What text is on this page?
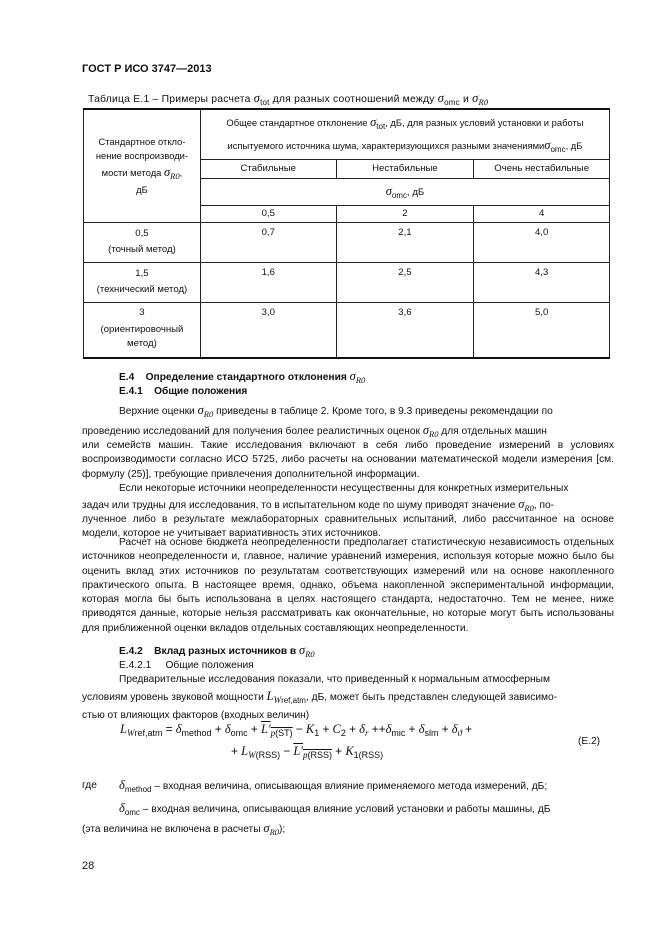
ГОСТ Р ИСО 3747—2013
Таблица Е.1 – Примеры расчета $\sigma_{tot}$ для разных соотношений между $\sigma_{omc}$ и $\sigma_{R0}$
Стандартное откло-
нение воспроизводи-
мости метода σR0,
дБ	Общее стандартное отклонение σtot, дБ, для разных условий установки и работы
испытуемого источника шума, характеризующихся разными значениямиσomc, дБ		
	Стабильные	Нестабильные	Очень нестабильные
	$\sigma_{omc}$, дБ		
	0,5	2	4
0,5
(точный метод)	0,7	2,1	4,0
1,5
(технический метод)	1,6	2,5	4,3
3
(ориентировочный метод)	3,0	3,6	5,0
Е.4 Определение стандартного отклонения $\sigma_{R0}$
Е.4.1 Общие положения
Верхние оценки $\sigma_{R0}$ приведены в таблице 2. Кроме того, в 9.3 приведены рекомендации по
проведению исследований для получения более реалистичных оценок $\sigma_{R0}$ для отдельных машин
или семейств машин. Такие исследования включают в себя либо проведение измерений в условиях воспроизводимости согласно ИСО 5725, либо расчеты на основании математической модели измерения [см. формулу (25)], требующие привлечения дополнительной информации.
Если некоторые источники неопределенности несущественны для конкретных измерительных
задач или трудны для исследования, то в испытательном коде по шуму приводят значение $\sigma_{R0}$, по-
лученное либо в результате межлабораторных сравнительных испытаний, либо рассчитанное на основе модели, которое не учитывает вариативность этих источников.
Расчет на основе бюджета неопределенности предполагает статистическую независимость отдельных источников неопределенности и, главное, наличие уравнений измерения, используя которые можно было бы оценить вклад этих источников по результатам соответствующих измерений или на основе накопленного практического опыта. В настоящее время, однако, объема накопленной экспериментальной информации, которая могла бы быть использована в целях настоящего стандарта, недостаточно. Тем не менее, ниже приводятся данные, которые нельзя рассматривать как окончательные, но которые могут быть использованы для приближенной оценки вкладов отдельных составляющих неопределенности.
Е.4.2 Вклад разных источников в $\sigma_{R0}$
Е.4.2.1 Общие положения
Предварительные исследования показали, что приведенный к нормальным атмосферным
условиям уровень звуковой мощности $L_{Wref,atm}$, дБ, может быть представлен следующей зависимо-
стью от влияющих факторов (входных величин)
$L_{Wref,atm} = \delta_{method} + \delta_{omc} + L'_{p(ST)} - K_1 + C_2 + \delta_r ++\delta_{mic} + \delta_{slm} + \delta_ϑ$ +
(Е.2)
+ $L_{W(RSS)} - L'_{p(RSS)} + K_{1(RSS)}$
где $\delta_{method}$ – входная величина, описывающая влияние применяемого метода измерений, дБ;
$\delta_{omc}$ – входная величина, описывающая влияние условий установки и работы машины, дБ
(эта величина не включена в расчеты $\sigma_{R0}$);
28
